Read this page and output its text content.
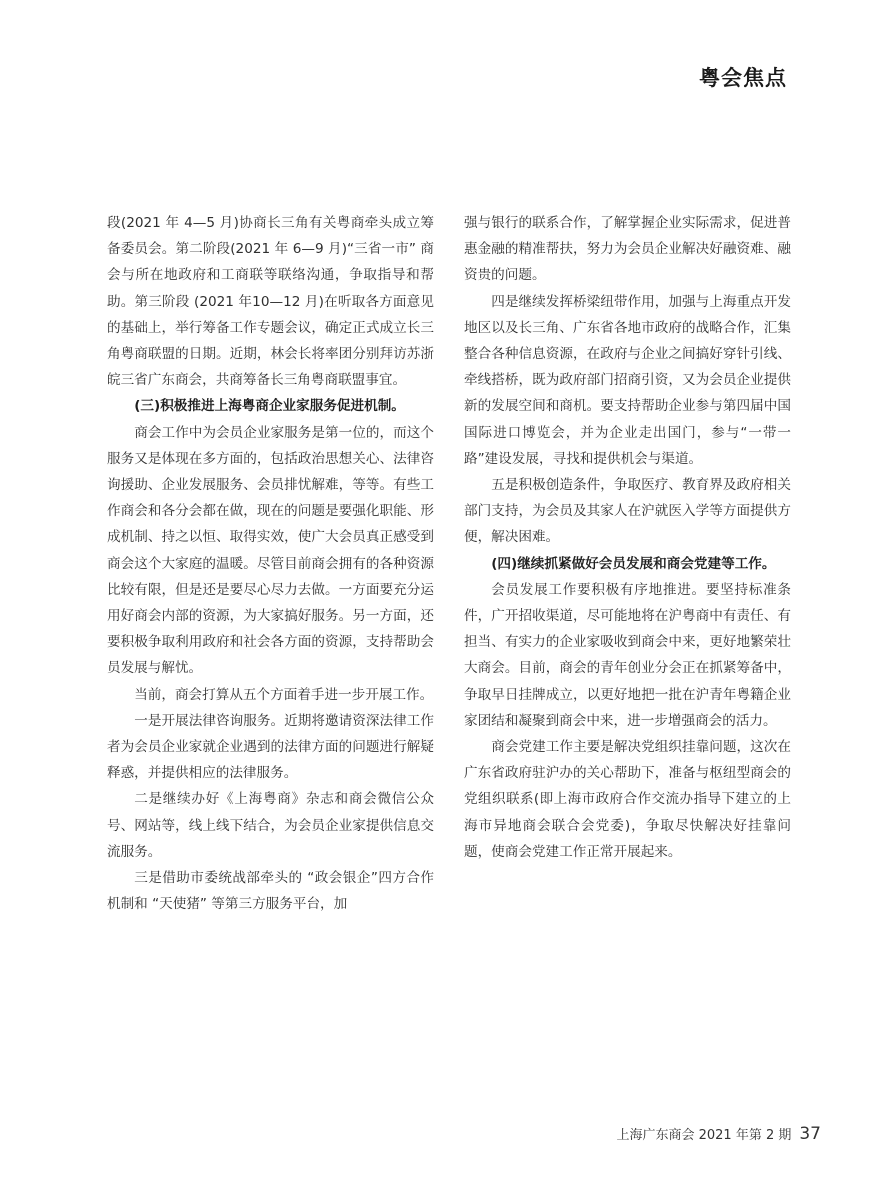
粤会焦点

段(2021 年 4—5 月)协商长三角有关粤商牵头成立筹备委员会。第二阶段(2021 年 6—9 月)“三省一市” 商会与所在地政府和工商联等联络沟通，争取指导和帮助。第三阶段 (2021 年10—12 月)在听取各方面意见的基础上，举行筹备工作专题会议，确定正式成立长三角粤商联盟的日期。近期，林会长将率团分别拜访苏浙皖三省广东商会，共商筹备长三角粤商联盟事宜。

(三)积极推进上海粤商企业家服务促进机制。

商会工作中为会员企业家服务是第一位的，而这个服务又是体现在多方面的，包括政治思想关心、法律咨询援助、企业发展服务、会员排忧解难，等等。有些工作商会和各分会都在做，现在的问题是要强化职能、形成机制、持之以恒、取得实效，使广大会员真正感受到商会这个大家庭的温暖。尽管目前商会拥有的各种资源比较有限，但是还是要尽心尽力去做。一方面要充分运用好商会内部的资源，为大家搞好服务。另一方面，还要积极争取利用政府和社会各方面的资源，支持帮助会员发展与解忧。

当前，商会打算从五个方面着手进一步开展工作。

一是开展法律咨询服务。近期将邀请资深法律工作者为会员企业家就企业遇到的法律方面的问题进行解疑释惑，并提供相应的法律服务。

二是继续办好《上海粤商》杂志和商会微信公众号、网站等，线上线下结合，为会员企业家提供信息交流服务。

三是借助市委统战部牵头的 “政会银企”四方合作机制和 “天使猪” 等第三方服务平台，加

强与银行的联系合作，了解掌握企业实际需求，促进普惠金融的精准帮扶，努力为会员企业解决好融资难、融资贵的问题。

四是继续发挥桥梁纽带作用，加强与上海重点开发地区以及长三角、广东省各地市政府的战略合作，汇集整合各种信息资源，在政府与企业之间搞好穿针引线、牵线搭桥，既为政府部门招商引资，又为会员企业提供新的发展空间和商机。要支持帮助企业参与第四届中国国际进口博览会，并为企业走出国门，参与“一带一路”建设发展，寻找和提供机会与渠道。

五是积极创造条件，争取医疗、教育界及政府相关部门支持，为会员及其家人在沪就医入学等方面提供方便，解决困难。

(四)继续抓紧做好会员发展和商会党建等工作。

会员发展工作要积极有序地推进。要坚持标准条件，广开招收渠道，尽可能地将在沪粤商中有责任、有担当、有实力的企业家吸收到商会中来，更好地繁荣壮大商会。目前，商会的青年创业分会正在抓紧筹备中，争取早日挂牌成立，以更好地把一批在沪青年粤籍企业家团结和凝聚到商会中来，进一步增强商会的活力。

商会党建工作主要是解决党组织挂靠问题，这次在广东省政府驻沪办的关心帮助下，准备与枢纽型商会的党组织联系(即上海市政府合作交流办指导下建立的上海市异地商会联合会党委)，争取尽快解决好挂靠问题，使商会党建工作正常开展起来。

上海广东商会 2021 年第 2 期 37
